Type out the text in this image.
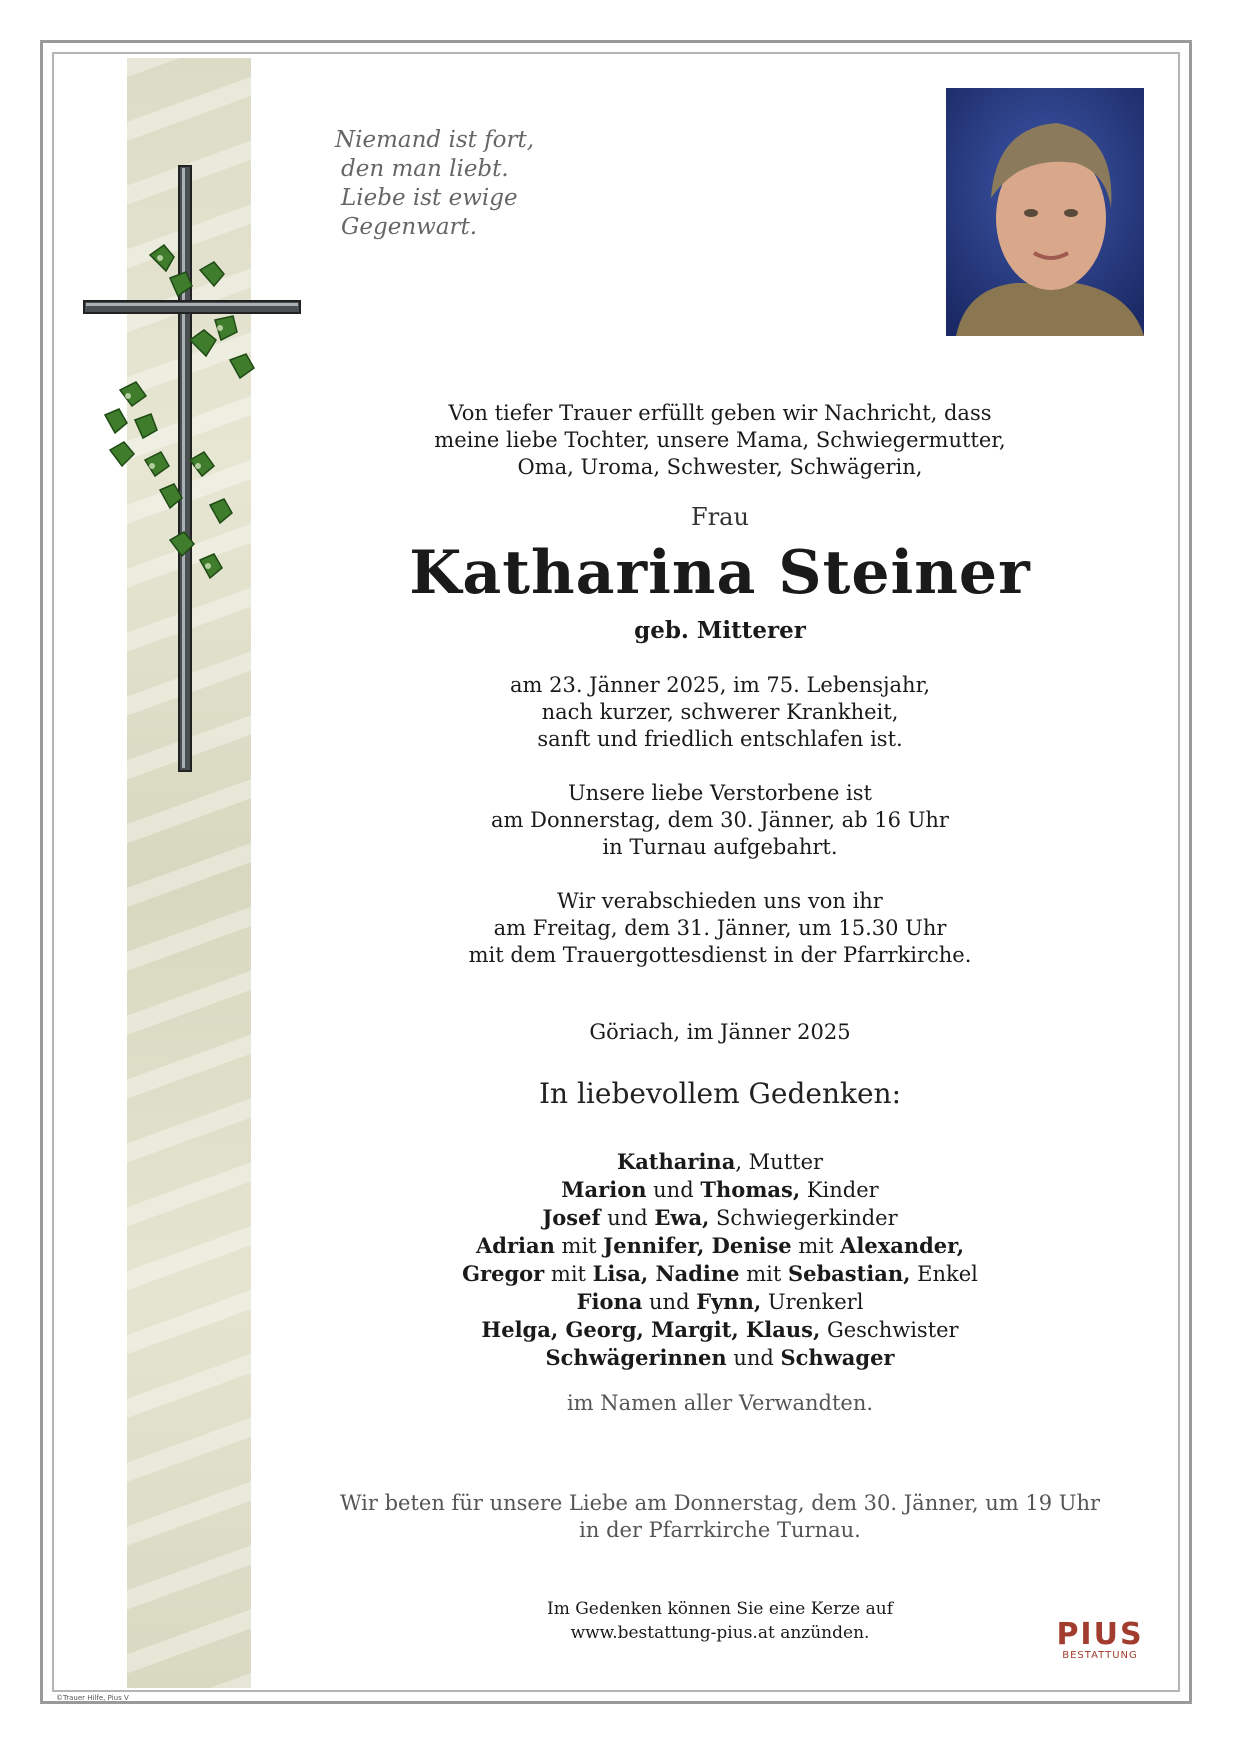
Niemand ist fort,
den man liebt.
Liebe ist ewige
Gegenwart.
Von tiefer Trauer erfüllt geben wir Nachricht, dass
meine liebe Tochter, unsere Mama, Schwiegermutter,
Oma, Uroma, Schwester, Schwägerin,
Frau
Katharina Steiner
geb. Mitterer
am 23. Jänner 2025, im 75. Lebensjahr,
nach kurzer, schwerer Krankheit,
sanft und friedlich entschlafen ist.
Unsere liebe Verstorbene ist
am Donnerstag, dem 30. Jänner, ab 16 Uhr
in Turnau aufgebahrt.
Wir verabschieden uns von ihr
am Freitag, dem 31. Jänner, um 15.30 Uhr
mit dem Trauergottesdienst in der Pfarrkirche.
Göriach, im Jänner 2025
In liebevollem Gedenken:
Katharina, Mutter
Marion und Thomas, Kinder
Josef und Ewa, Schwiegerkinder
Adrian mit Jennifer, Denise mit Alexander,
Gregor mit Lisa, Nadine mit Sebastian, Enkel
Fiona und Fynn, Urenkerl
Helga, Georg, Margit, Klaus, Geschwister
Schwägerinnen und Schwager
im Namen aller Verwandten.
Wir beten für unsere Liebe am Donnerstag, dem 30. Jänner, um 19 Uhr
in der Pfarrkirche Turnau.
Im Gedenken können Sie eine Kerze auf
www.bestattung-pius.at anzünden.	PIUS
BESTATTUNG
©Trauer Hilfe, Pius V
